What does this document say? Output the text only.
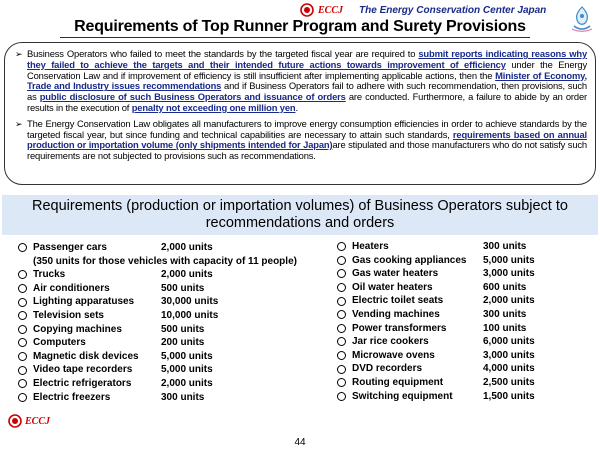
ECCJ The Energy Conservation Center Japan
Requirements of Top Runner Program and Surety Provisions
➢ Business Operators who failed to meet the standards by the targeted fiscal year are required to submit reports indicating reasons why they failed to achieve the targets and their intended future actions towards improvement of efficiency under the Energy Conservation Law and if improvement of efficiency is still insufficient after implementing applicable actions, then the Minister of Economy, Trade and Industry issues recommendations and if Business Operators fail to adhere with such recommendation, then provisions, such as public disclosure of such Business Operators and issuance of orders are conducted. Furthermore, a failure to abide by an order results in the execution of penalty not exceeding one million yen.
➢ The Energy Conservation Law obligates all manufacturers to improve energy consumption efficiencies in order to achieve standards by the targeted fiscal year, but since funding and technical capabilities are necessary to attain such standards, requirements based on annual production or importation volume (only shipments intended for Japan)are stipulated and those manufacturers who do not satisfy such requirements are not subjected to provisions such as recommendations.
Requirements (production or importation volumes) of Business Operators subject to
recommendations and orders
Passenger cars	2,000 units
(350 units for those vehicles with capacity of 11 people)
Trucks	2,000 units
Air conditioners	500 units
Lighting apparatuses	30,000 units
Television sets	10,000 units
Copying machines	500 units
Computers	200 units
Magnetic disk devices 5,000 units
Video tape recorders	5,000 units
Electric refrigerators	2,000 units
Electric freezers	300 units
Heaters	300 units
Gas cooking appliances 5,000 units
Gas water heaters	3,000 units
Oil water heaters	600 units
Electric toilet seats	2,000 units
Vending machines	300 units
Power transformers	100 units
Jar rice cookers	6,000 units
Microwave ovens	3,000 units
DVD recorders	4,000 units
Routing equipment	2,500 units
Switching equipment	1,500 units
ECCJ
44
